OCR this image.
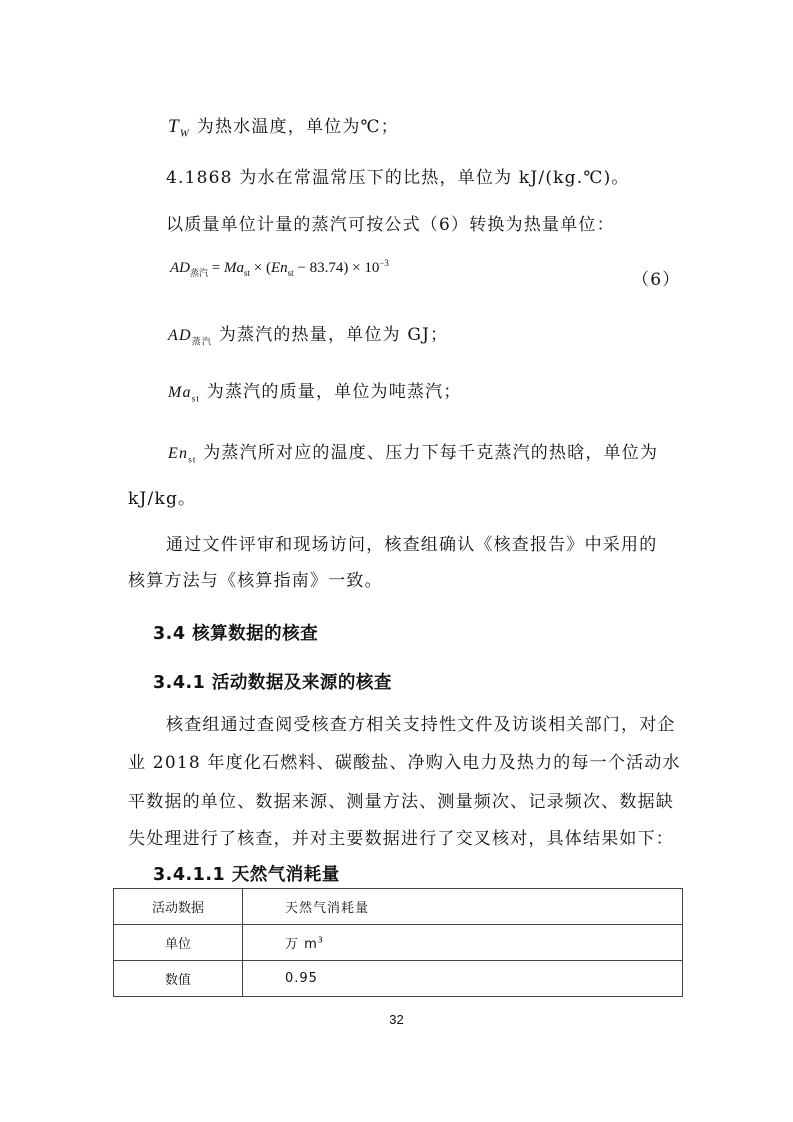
$T_W$ 为热水温度，单位为℃；
4.1868 为水在常温常压下的比热，单位为 kJ/(kg.℃)。
以质量单位计量的蒸汽可按公式（6）转换为热量单位：
$AD_{蒸汽} = Ma_{st} \times (En_{st} - 83.74) \times 10^{-3}$
（6）
$AD_{蒸汽}$ 为蒸汽的热量，单位为 GJ；
$Ma_{st}$ 为蒸汽的质量，单位为吨蒸汽；
$En_{st}$ 为蒸汽所对应的温度、压力下每千克蒸汽的热晗，单位为
kJ/kg。
通过文件评审和现场访问，核查组确认《核查报告》中采用的
核算方法与《核算指南》一致。
3.4 核算数据的核查
3.4.1 活动数据及来源的核查
核查组通过查阅受核查方相关支持性文件及访谈相关部门，对企
业 2018 年度化石燃料、碳酸盐、净购入电力及热力的每一个活动水
平数据的单位、数据来源、测量方法、测量频次、记录频次、数据缺
失处理进行了核查，并对主要数据进行了交叉核对，具体结果如下：
3.4.1.1 天然气消耗量
活动数据	天然气消耗量
单位	万 $m^3$
数值	0.95
32
